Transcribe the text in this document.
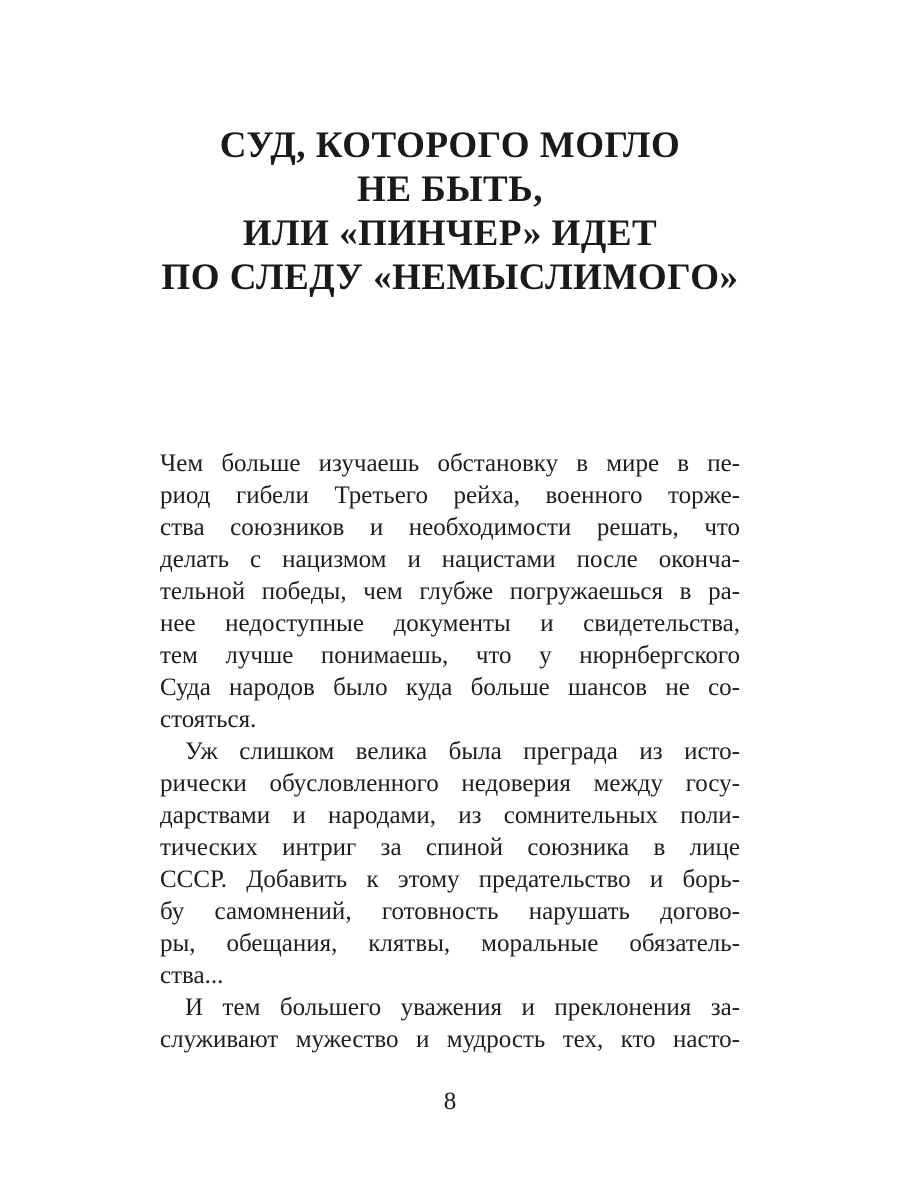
СУД, КОТОРОГО МОГЛО
НЕ БЫТЬ,
ИЛИ «ПИНЧЕР» ИДЕТ
ПО СЛЕДУ «НЕМЫСЛИМОГО»
Чем больше изучаешь обстановку в мире в пе-
риод гибели Третьего рейха, военного торже-
ства союзников и необходимости решать, что
делать с нацизмом и нацистами после оконча-
тельной победы, чем глубже погружаешься в ра-
нее недоступные документы и свидетельства,
тем лучше понимаешь, что у нюрнбергского
Суда народов было куда больше шансов не со-
стояться.
Уж слишком велика была преграда из исто-
рически обусловленного недоверия между госу-
дарствами и народами, из сомнительных поли-
тических интриг за спиной союзника в лице
СССР. Добавить к этому предательство и борь-
бу самомнений, готовность нарушать догово-
ры, обещания, клятвы, моральные обязатель-
ства...
И тем большего уважения и преклонения за-
служивают мужество и мудрость тех, кто насто-
8
